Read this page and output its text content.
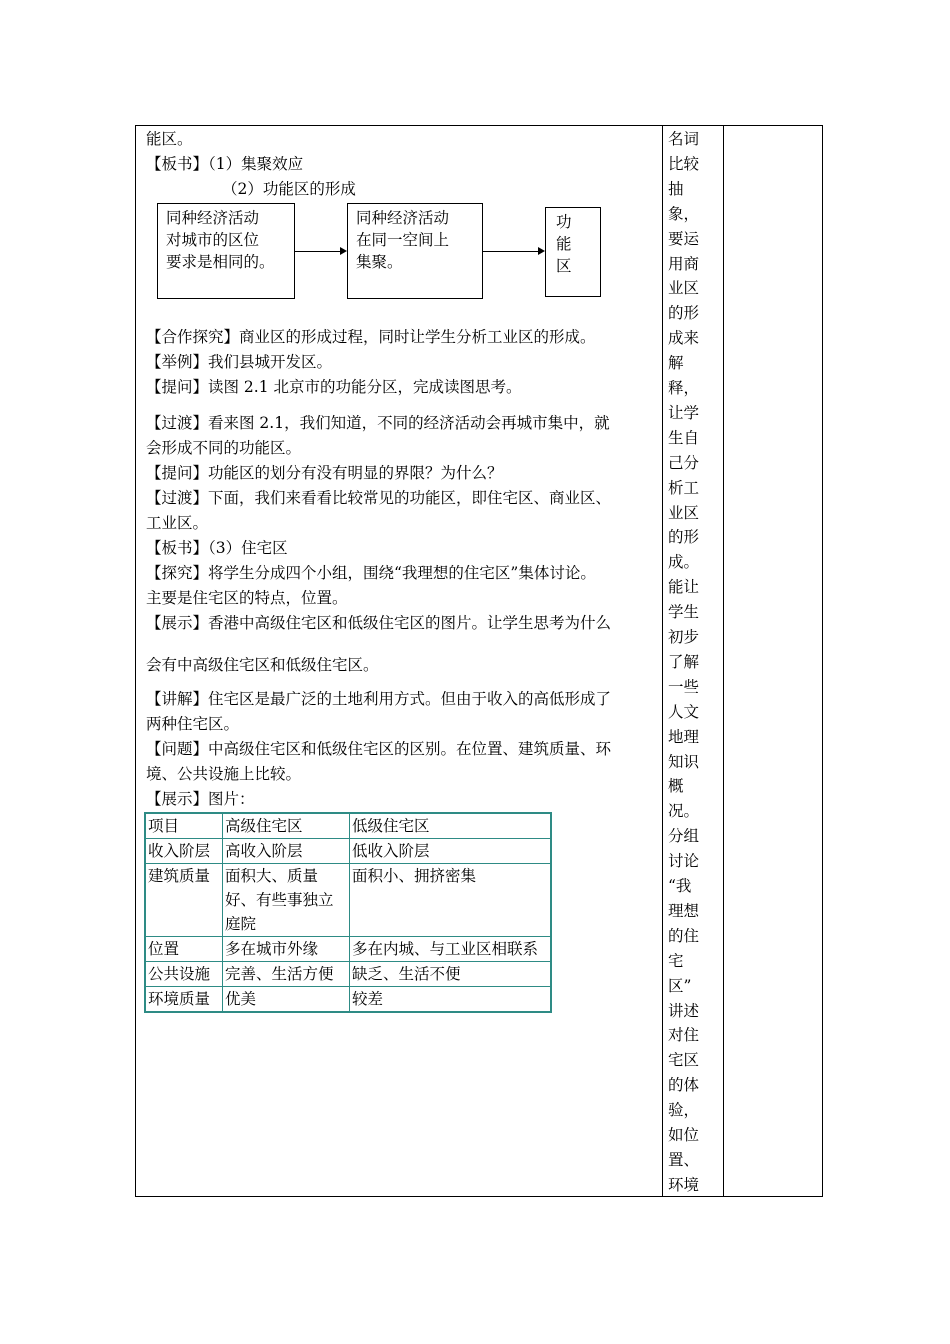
能区。
【板书】（1）集聚效应
（2）功能区的形成
【合作探究】商业区的形成过程，同时让学生分析工业区的形成。
【举例】我们县城开发区。
【提问】读图 2.1 北京市的功能分区，完成读图思考。
【过渡】看来图 2.1，我们知道，不同的经济活动会再城市集中，就
会形成不同的功能区。
【提问】功能区的划分有没有明显的界限？为什么？
【过渡】下面，我们来看看比较常见的功能区，即住宅区、商业区、
工业区。
【板书】（3）住宅区
【探究】将学生分成四个小组，围绕“我理想的住宅区”集体讨论。
主要是住宅区的特点，位置。
【展示】香港中高级住宅区和低级住宅区的图片。让学生思考为什么
会有中高级住宅区和低级住宅区。
【讲解】住宅区是最广泛的土地利用方式。但由于收入的高低形成了
两种住宅区。
【问题】中高级住宅区和低级住宅区的区别。在位置、建筑质量、环
境、公共设施上比较。
【展示】图片：
同种经济活动
对城市的区位
要求是相同的。
同种经济活动
在同一空间上
集聚。
功
能
区
项目	高级住宅区	低级住宅区
收入阶层	高收入阶层	低收入阶层
建筑质量	面积大、质量好、有些事独立庭院	面积小、拥挤密集
位置	多在城市外缘	多在内城、与工业区相联系
公共设施	完善、生活方便	缺乏、生活不便
环境质量	优美	较差
名词
比较
抽
象，
要运
用商
业区
的形
成来
解
释，
让学
生自
己分
析工
业区
的形
成。
能让
学生
初步
了解
一些
人文
地理
知识
概
况。
分组
讨论
“我
理想
的住
宅
区”
讲述
对住
宅区
的体
验，
如位
置、
环境
